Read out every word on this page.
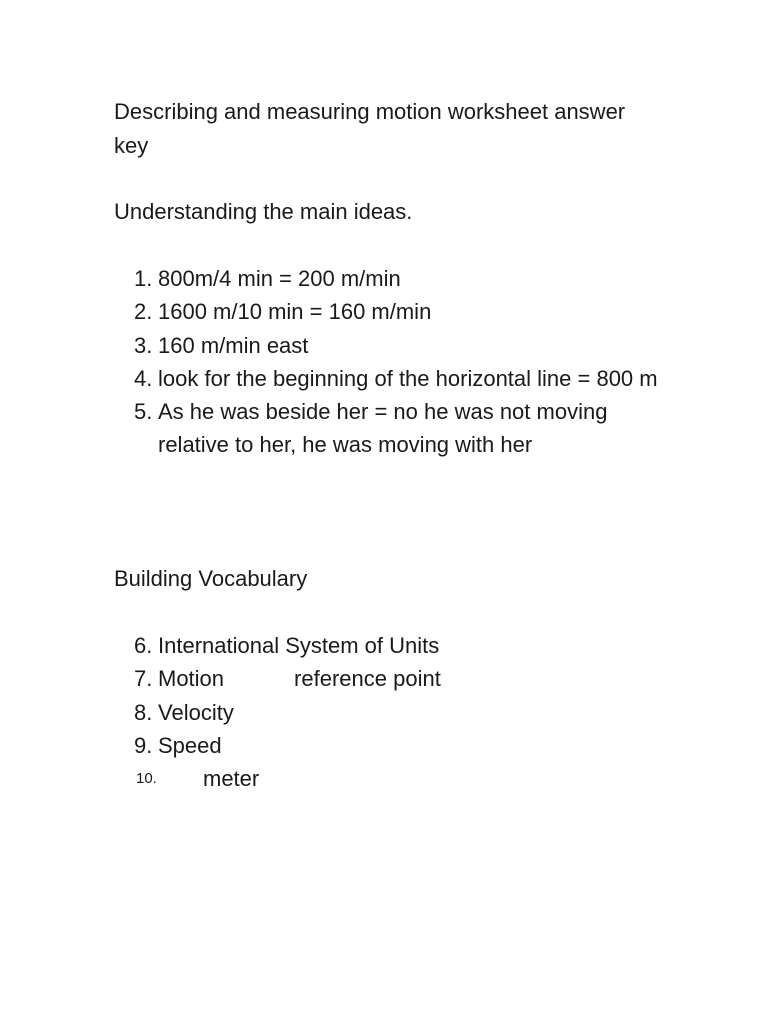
Describing and measuring motion worksheet answer key
Understanding the main ideas.
1. 800m/4 min = 200 m/min
2. 1600 m/10 min = 160 m/min
3. 160 m/min east
4. look for the beginning of the horizontal line = 800 m
5. As he was beside her = no he was not moving relative to her, he was moving with her
Building Vocabulary
6. International System of Units
7. Motion	reference point
8. Velocity
9. Speed
10. meter
